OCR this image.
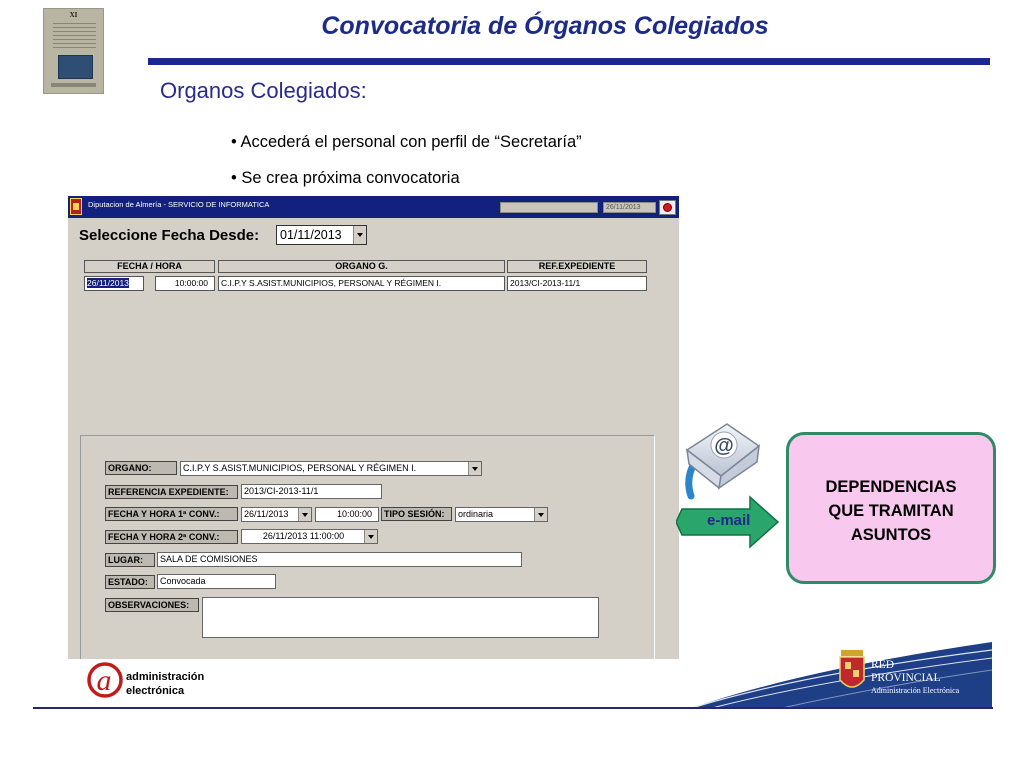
XI	Convocatoria de Órganos Colegiados
Organos Colegiados:
• Accederá el personal con perfil de “Secretaría”
• Se crea próxima convocatoria
Diputacion de Almería - SERVICIO DE INFORMATICA	26/11/2013
Seleccione Fecha Desde: 01/11/2013
FECHA / HORA	ORGANO G.	REF.EXPEDIENTE
26/11/2013	10:00:00	C.I.P.Y S.ASIST.MUNICIPIOS, PERSONAL Y RÉGIMEN I.	2013/CI-2013-11/1
ORGANO:	C.I.P.Y S.ASIST.MUNICIPIOS, PERSONAL Y RÉGIMEN I.
REFERENCIA EXPEDIENTE:	2013/CI-2013-11/1
FECHA Y HORA 1ª CONV.:	26/11/2013	10:00:00	TIPO SESIÓN:	ordinaria
FECHA Y HORA 2ª CONV.:	26/11/2013 11:00:00
LUGAR:	SALA DE COMISIONES
ESTADO:	Convocada
OBSERVACIONES:
@
e-mail
DEPENDENCIAS
QUE TRAMITAN
ASUNTOS
RED
PROVINCIAL
Administración Electrónica
a administración
electrónica
